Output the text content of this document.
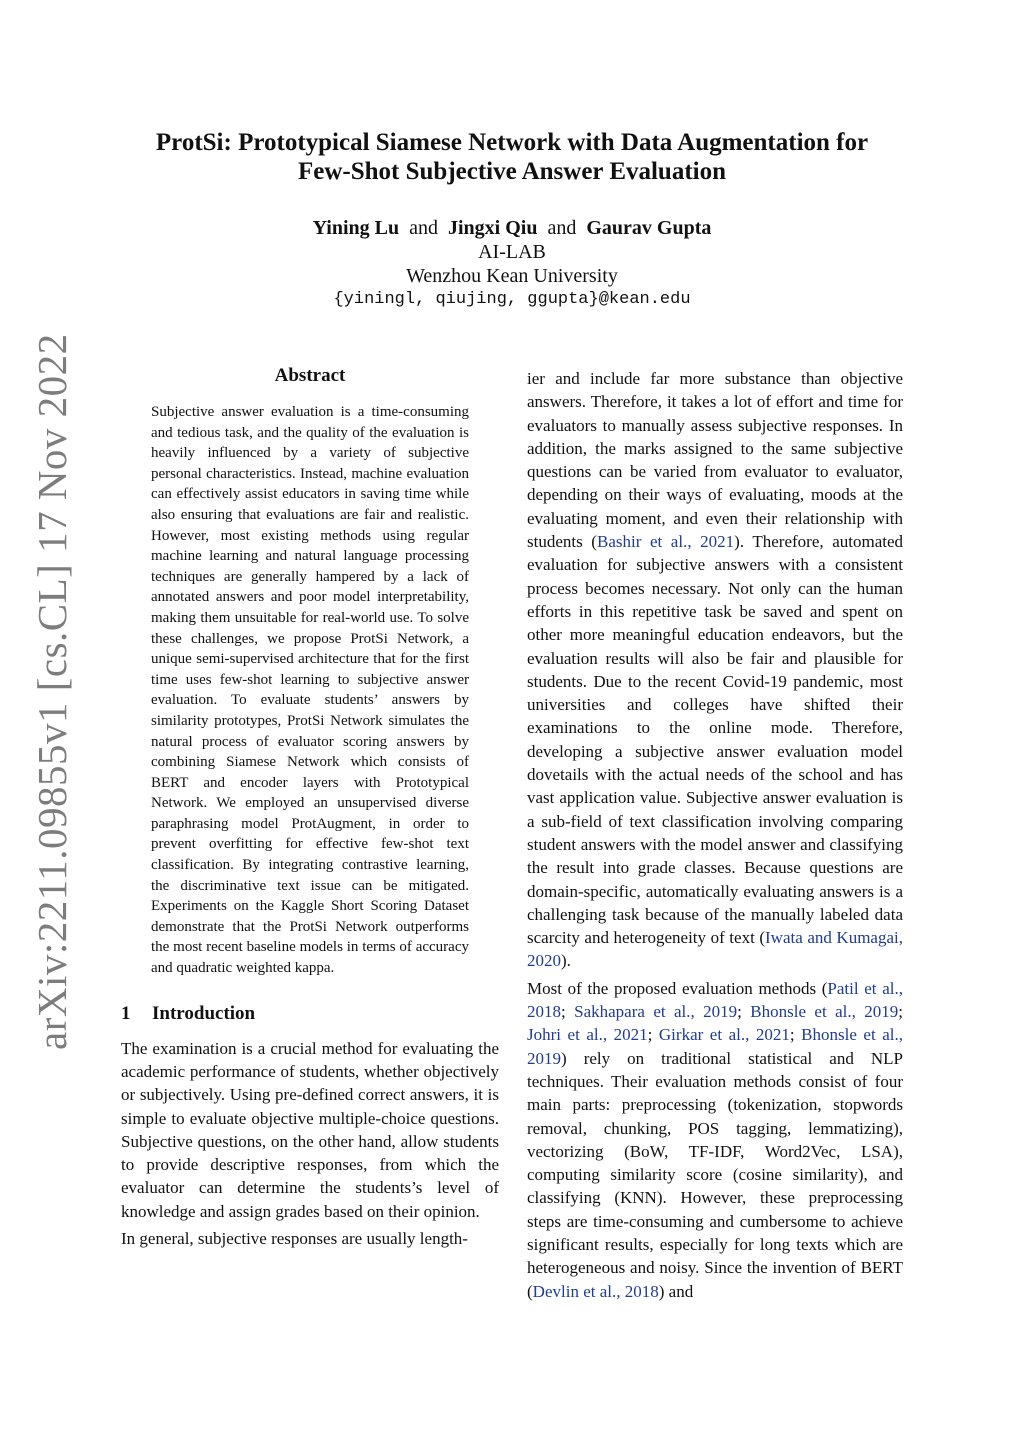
arXiv:2211.09855v1 [cs.CL] 17 Nov 2022
ProtSi: Prototypical Siamese Network with Data Augmentation for
Few-Shot Subjective Answer Evaluation
Yining Lu and Jingxi Qiu and Gaurav Gupta
AI-LAB
Wenzhou Kean University
{yiningl, qiujing, ggupta}@kean.edu
Abstract

Subjective answer evaluation is a time-consuming and tedious task, and the quality of the evaluation is heavily influenced by a variety of subjective personal characteristics. Instead, machine evaluation can effectively assist educators in saving time while also ensuring that evaluations are fair and realistic. However, most existing methods using regular machine learning and natural language processing techniques are generally hampered by a lack of annotated answers and poor model interpretability, making them unsuitable for real-world use. To solve these challenges, we propose ProtSi Network, a unique semi-supervised architecture that for the first time uses few-shot learning to subjective answer evaluation. To evaluate students’ answers by similarity prototypes, ProtSi Network simulates the natural process of evaluator scoring answers by combining Siamese Network which consists of BERT and encoder layers with Prototypical Network. We employed an unsupervised diverse paraphrasing model ProtAugment, in order to prevent overfitting for effective few-shot text classification. By integrating contrastive learning, the discriminative text issue can be mitigated. Experiments on the Kaggle Short Scoring Dataset demonstrate that the ProtSi Network outperforms the most recent baseline models in terms of accuracy and quadratic weighted kappa.

1 Introduction

The examination is a crucial method for evaluating the academic performance of students, whether objectively or subjectively. Using pre-defined correct answers, it is simple to evaluate objective multiple-choice questions. Subjective questions, on the other hand, allow students to provide descriptive responses, from which the evaluator can determine the students’s level of knowledge and assign grades based on their opinion.

In general, subjective responses are usually length-

ier and include far more substance than objective answers. Therefore, it takes a lot of effort and time for evaluators to manually assess subjective responses. In addition, the marks assigned to the same subjective questions can be varied from evaluator to evaluator, depending on their ways of evaluating, moods at the evaluating moment, and even their relationship with students (Bashir et al., 2021). Therefore, automated evaluation for subjective answers with a consistent process becomes necessary. Not only can the human efforts in this repetitive task be saved and spent on other more meaningful education endeavors, but the evaluation results will also be fair and plausible for students. Due to the recent Covid-19 pandemic, most universities and colleges have shifted their examinations to the online mode. Therefore, developing a subjective answer evaluation model dovetails with the actual needs of the school and has vast application value. Subjective answer evaluation is a sub-field of text classification involving comparing student answers with the model answer and classifying the result into grade classes. Because questions are domain-specific, automatically evaluating answers is a challenging task because of the manually labeled data scarcity and heterogeneity of text (Iwata and Kumagai, 2020).

Most of the proposed evaluation methods (Patil et al., 2018; Sakhapara et al., 2019; Bhonsle et al., 2019; Johri et al., 2021; Girkar et al., 2021; Bhonsle et al., 2019) rely on traditional statistical and NLP techniques. Their evaluation methods consist of four main parts: preprocessing (tokenization, stopwords removal, chunking, POS tagging, lemmatizing), vectorizing (BoW, TF-IDF, Word2Vec, LSA), computing similarity score (cosine similarity), and classifying (KNN). However, these preprocessing steps are time-consuming and cumbersome to achieve significant results, especially for long texts which are heterogeneous and noisy. Since the invention of BERT (Devlin et al., 2018) and
